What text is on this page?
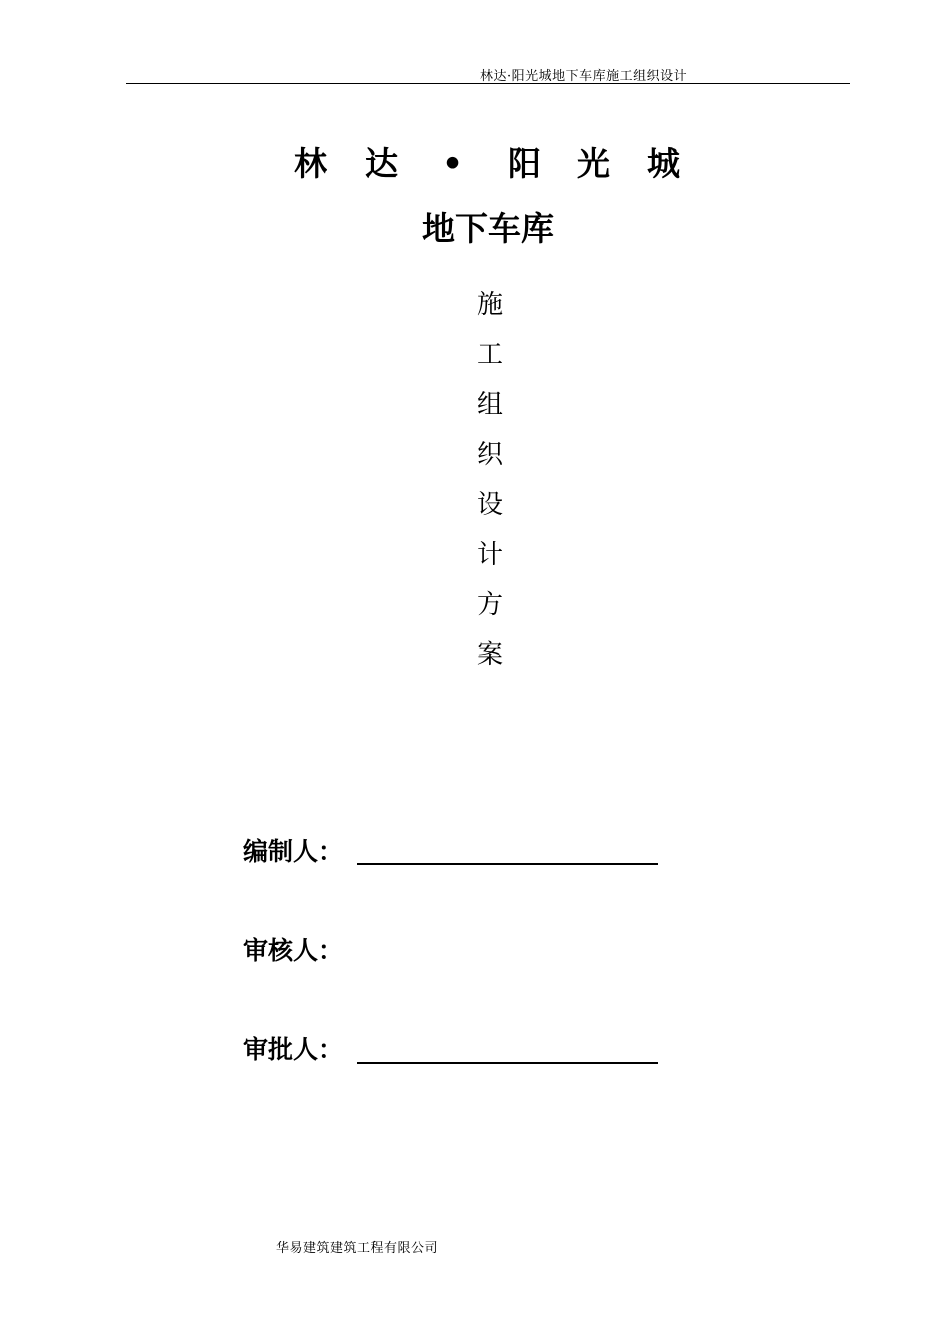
林达·阳光城地下车库施工组织设计
林 达 • 阳 光 城
地下车库
施
工
组
织
设
计
方
案
编制人：
审核人：
审批人：
华易建筑建筑工程有限公司
